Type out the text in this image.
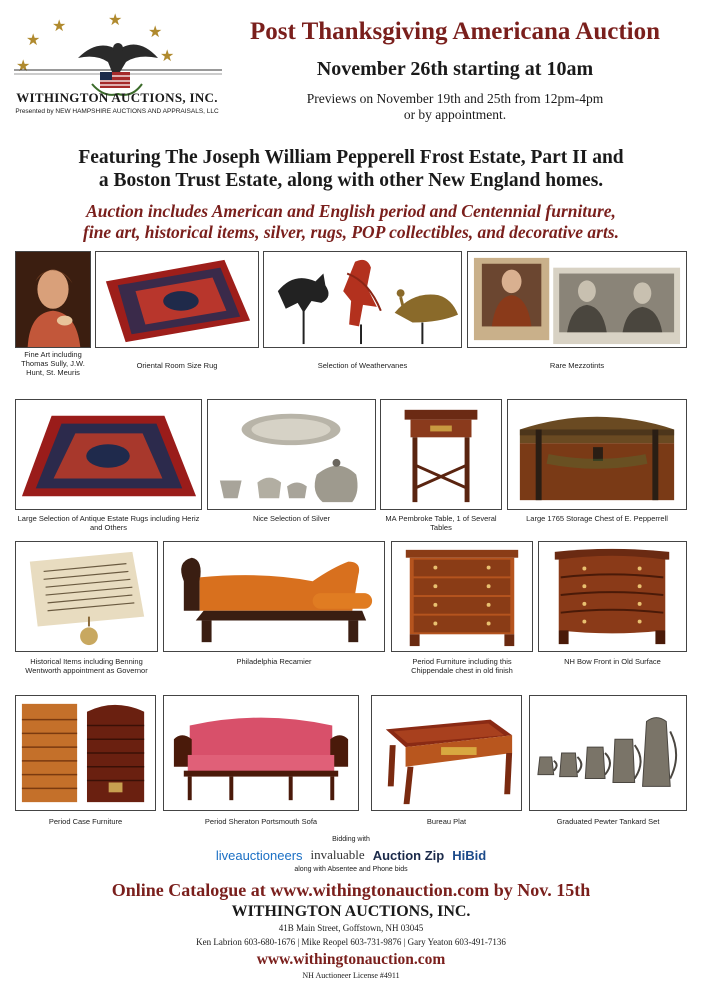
★
★	★
★
★
★
WITHINGTON AUCTIONS, INC.
Presented by NEW HAMPSHIRE AUCTIONS AND APPRAISALS, LLC
Post Thanksgiving Americana Auction
November 26th starting at 10am
Previews on November 19th and 25th from 12pm-4pm
or by appointment.
Featuring The Joseph William Pepperell Frost Estate, Part II and
a Boston Trust Estate, along with other New England homes.
Auction includes American and English period and Centennial furniture,
fine art, historical items, silver, rugs, POP collectibles, and decorative arts.
Fine Art including Thomas Sully, J.W. Hunt, St. Meuris
Oriental Room Size Rug	Selection of Weathervanes	Rare Mezzotints
Large Selection of Antique Estate Rugs including Heriz and Others
Nice Selection of Silver	MA Pembroke Table, 1 of Several Tables
Large 1765 Storage Chest of E. Pepperrell
Historical Items including Benning Wentworth appointment as Governor
Philadelphia Recamier	Period Furniture including this Chippendale chest in old finish
NH Bow Front in Old Surface
Period Case Furniture	Period Sheraton Portsmouth Sofa	Bureau Plat	Graduated Pewter Tankard Set
Bidding with
liveauctioneers invaluable Auction Zip HiBid
along with Absentee and Phone bids
Online Catalogue at www.withingtonauction.com by Nov. 15th
WITHINGTON AUCTIONS, INC.
41B Main Street, Goffstown, NH 03045
Ken Labrion 603-680-1676 | Mike Reopel 603-731-9876 | Gary Yeaton 603-491-7136
www.withingtonauction.com
NH Auctioneer License #4911
